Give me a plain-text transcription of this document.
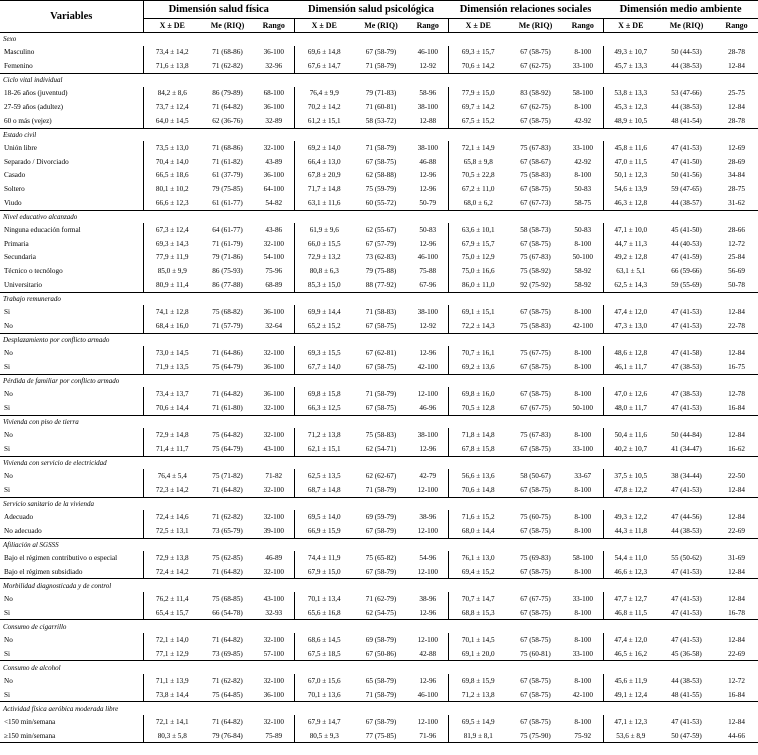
Variables	Dimensión salud física			Dimensión salud psicológica			Dimensión relaciones sociales			Dimensión medio ambiente		
	X ± DE	Me (RIQ)	Rango	X ± DE	Me (RIQ)	Rango	X ± DE	Me (RIQ)	Rango	X ± DE	Me (RIQ)	Rango
Sexo												
Masculino	73,4 ± 14,2	71 (68-86)	36-100	69,6 ± 14,8	67 (58-79)	46-100	69,3 ± 15,7	67 (58-75)	8-100	49,3 ± 10,7	50 (44-53)	28-78
Femenino	71,6 ± 13,8	71 (62-82)	32-96	67,6 ± 14,7	71 (58-79)	12-92	70,6 ± 14,2	67 (62-75)	33-100	45,7 ± 13,3	44 (38-53)	12-84
Ciclo vital individual												
18-26 años (juventud)	84,2 ± 8,6	86 (79-89)	68-100	76,4 ± 9,9	79 (71-83)	58-96	77,9 ± 15,0	83 (58-92)	58-100	53,8 ± 13,3	53 (47-66)	25-75
27-59 años (adultez)	73,7 ± 12,4	71 (64-82)	36-100	70,2 ± 14,2	71 (60-81)	38-100	69,7 ± 14,2	67 (62-75)	8-100	45,3 ± 12,3	44 (38-53)	12-84
60 o más (vejez)	64,0 ± 14,5	62 (36-76)	32-89	61,2 ± 15,1	58 (53-72)	12-88	67,5 ± 15,2	67 (58-75)	42-92	48,9 ± 10,5	48 (41-54)	28-78
Estado civil												
Unión libre	73,5 ± 13,0	71 (68-86)	32-100	69,2 ± 14,0	71 (58-79)	38-100	72,1 ± 14,9	75 (67-83)	33-100	45,8 ± 11,6	47 (41-53)	12-69
Separado / Divorciado	70,4 ± 14,0	71 (61-82)	43-89	66,4 ± 13,0	67 (58-75)	46-88	65,8 ± 9,8	67 (58-67)	42-92	47,0 ± 11,5	47 (41-50)	28-69
Casado	66,5 ± 18,6	61 (37-79)	36-100	67,8 ± 20,9	62 (58-88)	12-96	70,5 ± 22,8	75 (58-83)	8-100	50,1 ± 12,3	50 (41-56)	34-84
Soltero	80,1 ± 10,2	79 (75-85)	64-100	71,7 ± 14,8	75 (59-79)	12-96	67,2 ± 11,0	67 (58-75)	50-83	54,6 ± 13,9	59 (47-65)	28-75
Viudo	66,6 ± 12,3	61 (61-77)	54-82	63,1 ± 11,6	60 (55-72)	50-79	68,0 ± 6,2	67 (67-73)	58-75	46,3 ± 12,8	44 (38-57)	31-62
Nivel educativo alcanzado												
Ninguna educación formal	67,3 ± 12,4	64 (61-77)	43-86	61,9 ± 9,6	62 (55-67)	50-83	63,6 ± 10,1	58 (58-73)	50-83	47,1 ± 10,0	45 (41-50)	28-66
Primaria	69,3 ± 14,3	71 (61-79)	32-100	66,0 ± 15,5	67 (57-79)	12-96	67,9 ± 15,7	67 (58-75)	8-100	44,7 ± 11,3	44 (40-53)	12-72
Secundaria	77,9 ± 11,9	79 (71-86)	54-100	72,9 ± 13,2	73 (62-83)	46-100	75,0 ± 12,9	75 (67-83)	50-100	49,2 ± 12,8	47 (41-59)	25-84
Técnico o tecnólogo	85,0 ± 9,9	86 (75-93)	75-96	80,8 ± 6,3	79 (75-88)	75-88	75,0 ± 16,6	75 (58-92)	58-92	63,1 ± 5,1	66 (59-66)	56-69
Universitario	80,9 ± 11,4	86 (77-88)	68-89	85,3 ± 15,0	88 (77-92)	67-96	86,0 ± 11,0	92 (75-92)	58-92	62,5 ± 14,3	59 (55-69)	50-78
Trabajo remunerado												
Si	74,1 ± 12,8	75 (68-82)	36-100	69,9 ± 14,4	71 (58-83)	38-100	69,1 ± 15,1	67 (58-75)	8-100	47,4 ± 12,0	47 (41-53)	12-84
No	68,4 ± 16,0	71 (57-79)	32-64	65,2 ± 15,2	67 (58-75)	12-92	72,2 ± 14,3	75 (58-83)	42-100	47,3 ± 13,0	47 (41-53)	22-78
Desplazamiento por conflicto armado												
No	73,0 ± 14,5	71 (64-86)	32-100	69,3 ± 15,5	67 (62-81)	12-96	70,7 ± 16,1	75 (67-75)	8-100	48,6 ± 12,8	47 (41-58)	12-84
Si	71,9 ± 13,5	75 (64-79)	36-100	67,7 ± 14,0	67 (58-75)	42-100	69,2 ± 13,6	67 (58-75)	8-100	46,1 ± 11,7	47 (38-53)	16-75
Pérdida de familiar por conflicto armado												
No	73,4 ± 13,7	71 (64-82)	36-100	69,8 ± 15,8	71 (58-79)	12-100	69,8 ± 16,0	67 (58-75)	8-100	47,0 ± 12,6	47 (38-53)	12-78
Si	70,6 ± 14,4	71 (61-80)	32-100	66,3 ± 12,5	67 (58-75)	46-96	70,5 ± 12,8	67 (67-75)	50-100	48,0 ± 11,7	47 (41-53)	16-84
Vivienda con piso de tierra												
No	72,9 ± 14,8	75 (64-82)	32-100	71,2 ± 13,8	75 (58-83)	38-100	71,8 ± 14,8	75 (67-83)	8-100	50,4 ± 11,6	50 (44-84)	12-84
Si	71,4 ± 11,7	75 (64-79)	43-100	62,1 ± 15,1	62 (54-71)	12-96	67,8 ± 15,8	67 (58-75)	33-100	40,2 ± 10,7	41 (34-47)	16-62
Vivienda con servicio de electricidad												
No	76,4 ± 5,4	75 (71-82)	71-82	62,5 ± 13,5	62 (62-67)	42-79	56,6 ± 13,6	58 (50-67)	33-67	37,5 ± 10,5	38 (34-44)	22-50
Si	72,3 ± 14,2	71 (64-82)	32-100	68,7 ± 14,8	71 (58-79)	12-100	70,6 ± 14,8	67 (58-75)	8-100	47,8 ± 12,2	47 (41-53)	12-84
Servicio sanitario de la vivienda												
Adecuado	72,4 ± 14,6	71 (62-82)	32-100	69,5 ± 14,0	69 (59-79)	38-96	71,6 ± 15,2	75 (60-75)	8-100	49,3 ± 12,2	47 (44-56)	12-84
No adecuado	72,5 ± 13,1	73 (65-79)	39-100	66,9 ± 15,9	67 (58-79)	12-100	68,0 ± 14,4	67 (58-75)	8-100	44,3 ± 11,8	44 (38-53)	22-69
Afiliación al SGSSS												
Bajo el régimen contributivo o especial	72,9 ± 13,8	75 (62-85)	46-89	74,4 ± 11,9	75 (65-82)	54-96	76,1 ± 13,0	75 (69-83)	58-100	54,4 ± 11,0	55 (50-62)	31-69
Bajo el régimen subsidiado	72,4 ± 14,2	71 (64-82)	32-100	67,9 ± 15,0	67 (58-79)	12-100	69,4 ± 15,2	67 (58-75)	8-100	46,6 ± 12,3	47 (41-53)	12-84
Morbilidad diagnosticada y de control												
No	76,2 ± 11,4	75 (68-85)	43-100	70,1 ± 13,4	71 (62-79)	38-96	70,7 ± 14,7	67 (67-75)	33-100	47,7 ± 12,7	47 (41-53)	12-84
Si	65,4 ± 15,7	66 (54-78)	32-93	65,6 ± 16,8	62 (54-75)	12-96	68,8 ± 15,3	67 (58-75)	8-100	46,8 ± 11,5	47 (41-53)	16-78
Consumo de cigarrillo												
No	72,1 ± 14,0	71 (64-82)	32-100	68,6 ± 14,5	69 (58-79)	12-100	70,1 ± 14,5	67 (58-75)	8-100	47,4 ± 12,0	47 (41-53)	12-84
Si	77,1 ± 12,9	73 (69-85)	57-100	67,5 ± 18,5	67 (50-86)	42-88	69,1 ± 20,0	75 (60-81)	33-100	46,5 ± 16,2	45 (36-58)	22-69
Consumo de alcohol												
No	71,1 ± 13,9	71 (62-82)	32-100	67,0 ± 15,6	65 (58-79)	12-96	69,8 ± 15,9	67 (58-75)	8-100	45,6 ± 11,9	44 (38-53)	12-72
Si	73,8 ± 14,4	75 (64-85)	36-100	70,1 ± 13,6	71 (58-79)	46-100	71,2 ± 13,8	67 (58-75)	42-100	49,1 ± 12,4	48 (41-55)	16-84
Actividad física aeróbica moderada libre												
<150 min/semana	72,1 ± 14,1	71 (64-82)	32-100	67,9 ± 14,7	67 (58-79)	12-100	69,5 ± 14,9	67 (58-75)	8-100	47,1 ± 12,3	47 (41-53)	12-84
≥150 min/semana	80,3 ± 5,8	79 (76-84)	75-89	80,5 ± 9,3	77 (75-85)	71-96	81,9 ± 8,1	75 (75-90)	75-92	53,6 ± 8,9	50 (47-59)	44-66
